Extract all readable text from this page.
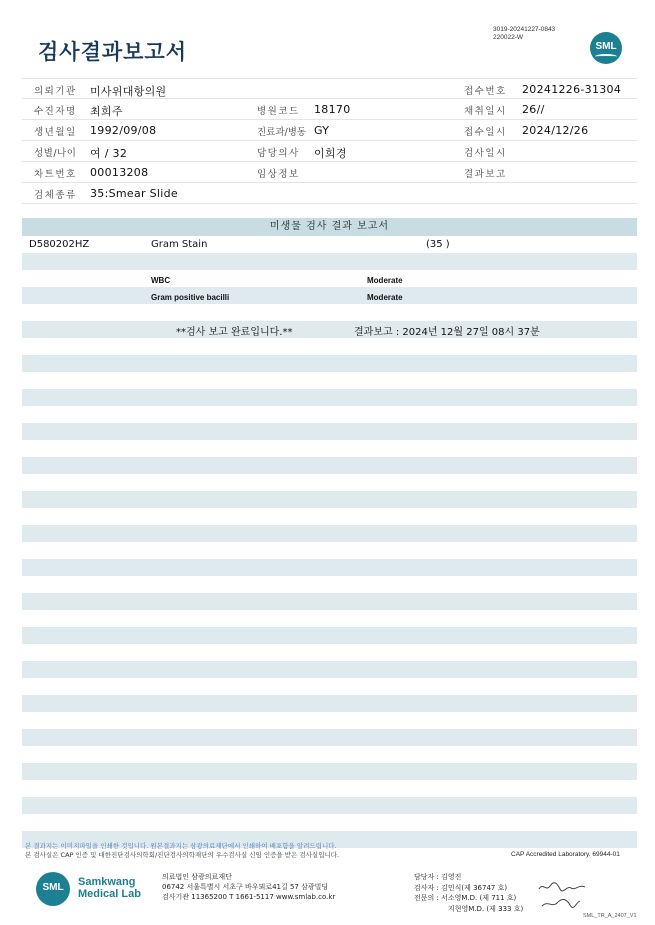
검사결과보고서
3019-20241227-0843
220022-W
SML
의뢰기관 미사위대항의원	접수번호 20241226-31304
수진자명 최희주	병원코드 18170	채취일시 26//
생년월일 1992/09/08	진료과/병동 GY	접수일시 2024/12/26
성별/나이 여 / 32	담당의사 이희경	검사일시
차트번호 00013208	임상정보	결과보고
검체종류 35:Smear Slide
미생물 검사 결과 보고서
D580202HZ	Gram Stain	(35 )
WBC	Moderate
Gram positive bacilli	Moderate
**검사 보고 완료입니다.**	결과보고 : 2024년 12월 27일 08시 37분
본 결과지는 이미지파일을 인쇄한 것입니다. 원본결과지는 삼광의료재단에서 인쇄하여 배포함을 알려드립니다.
본 검사실은 CAP 인증 및 대한진단검사의학회/진단검사의학재단의 우수검사실 신임 인증을 받은 검사실입니다.	CAP Accredited Laboratory. 69944-01
SML	Samkwang
Medical Lab
의료법인 삼광의료재단
06742 서울특별시 서초구 바우뫼로41길 57 삼광빌딩
검사기관 11365200 T 1661-5117 www.smlab.co.kr
담당자 : 김영진
검사자 : 김민식(제 36747 호)
전문의 : 서소영M.D. (제 711 호)
지현영M.D. (제 333 호)
SML_TR_A_2407_V1
